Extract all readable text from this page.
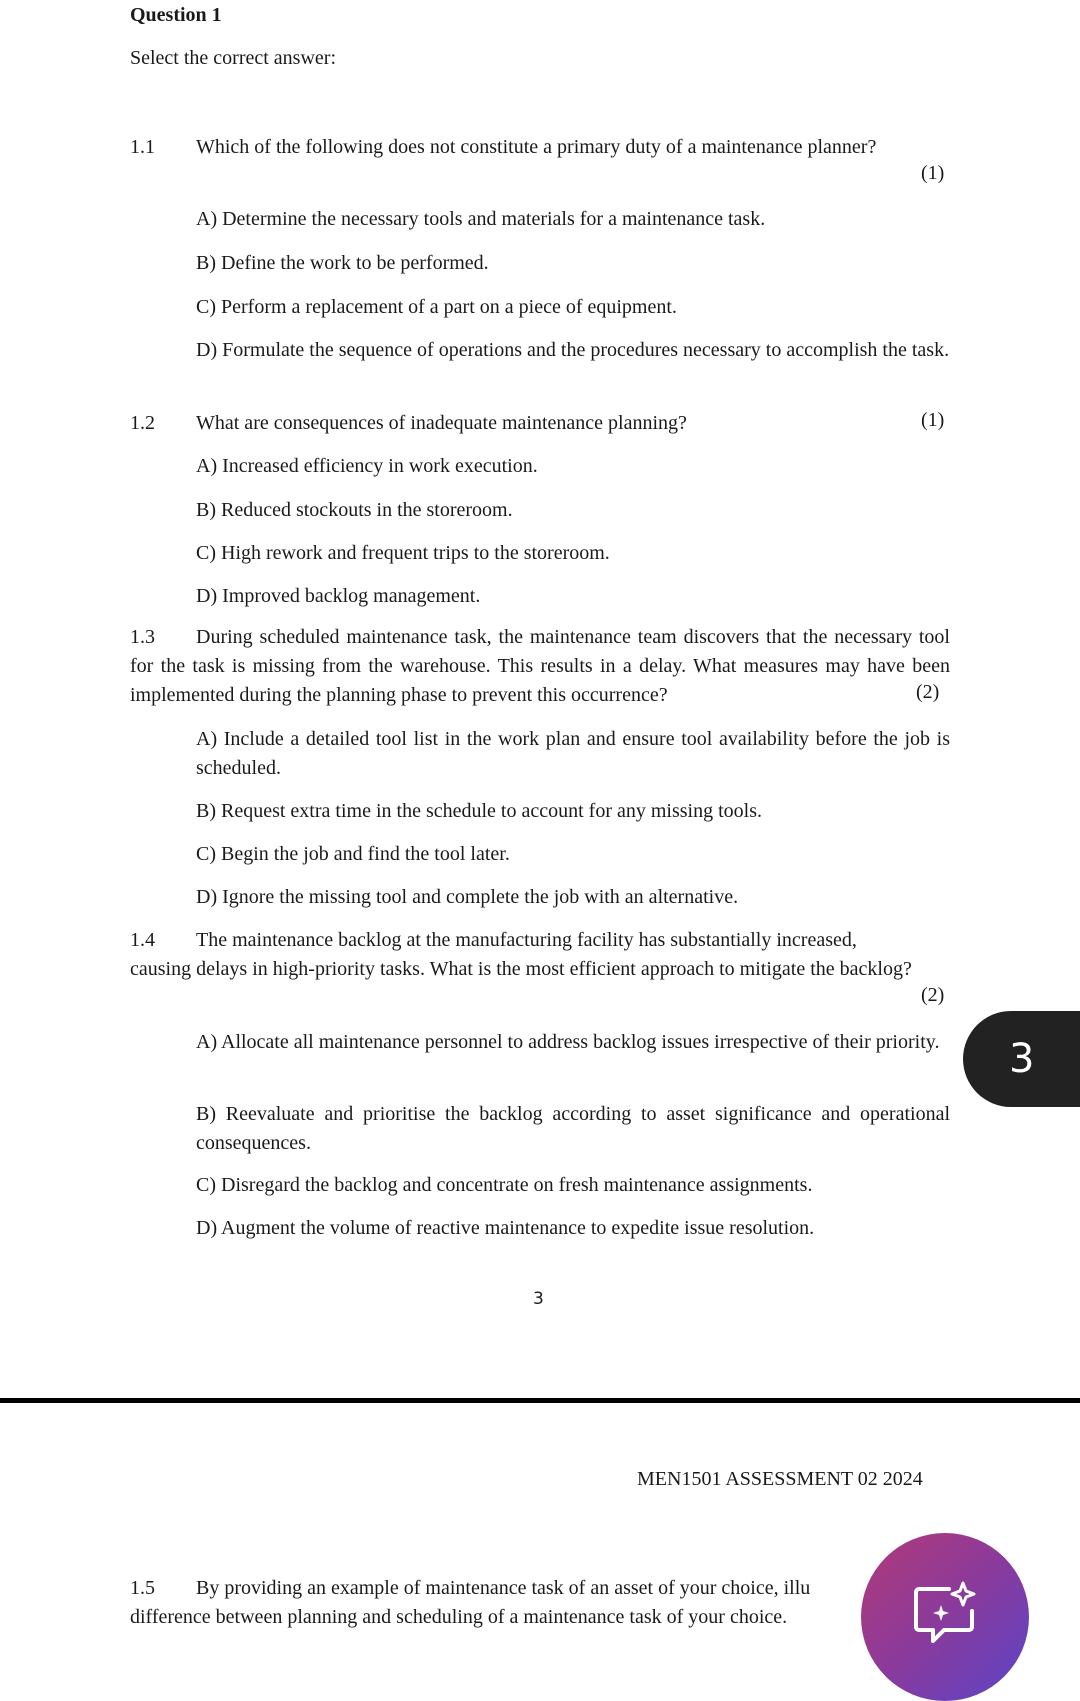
Question 1
Select the correct answer:
1.1 Which of the following does not constitute a primary duty of a maintenance planner?
(1)
A) Determine the necessary tools and materials for a maintenance task.
B) Define the work to be performed.
C) Perform a replacement of a part on a piece of equipment.
D) Formulate the sequence of operations and the procedures necessary to accomplish the task.
1.2 What are consequences of inadequate maintenance planning?	(1)
A) Increased efficiency in work execution.
B) Reduced stockouts in the storeroom.
C) High rework and frequent trips to the storeroom.
D) Improved backlog management.
1.3 During scheduled maintenance task, the maintenance team discovers that the necessary tool for the task is missing from the warehouse. This results in a delay. What measures may have been implemented during the planning phase to prevent this occurrence?	(2)
A) Include a detailed tool list in the work plan and ensure tool availability before the job is scheduled.
B) Request extra time in the schedule to account for any missing tools.
C) Begin the job and find the tool later.
D) Ignore the missing tool and complete the job with an alternative.
1.4 The maintenance backlog at the manufacturing facility has substantially increased, causing delays in high-priority tasks. What is the most efficient approach to mitigate the backlog?
(2)
A) Allocate all maintenance personnel to address backlog issues irrespective of their priority.
B) Reevaluate and prioritise the backlog according to asset significance and operational consequences.
C) Disregard the backlog and concentrate on fresh maintenance assignments.
D) Augment the volume of reactive maintenance to expedite issue resolution.
3
MEN1501 ASSESSMENT 02 2024
1.5 By providing an example of maintenance task of an asset of your choice, illu
difference between planning and scheduling of a maintenance task of your choice.
3
